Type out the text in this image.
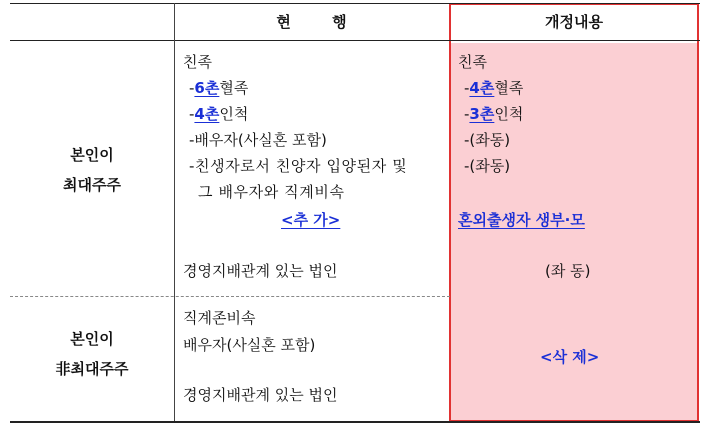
현 행	개정내용
본인이
최대주주
본인이
非최대주주
친족
-6촌혈족
-4촌인척
-배우자(사실혼 포함)
-친생자로서 친양자 입양된자 및
그 배우자와 직계비속
<추 가>
경영지배관계 있는 법인
직계존비속
배우자(사실혼 포함)
경영지배관계 있는 법인
친족
-4촌혈족
-3촌인척
-(좌동)
-(좌동)
혼외출생자 생부·모
(좌 동)
<삭 제>
